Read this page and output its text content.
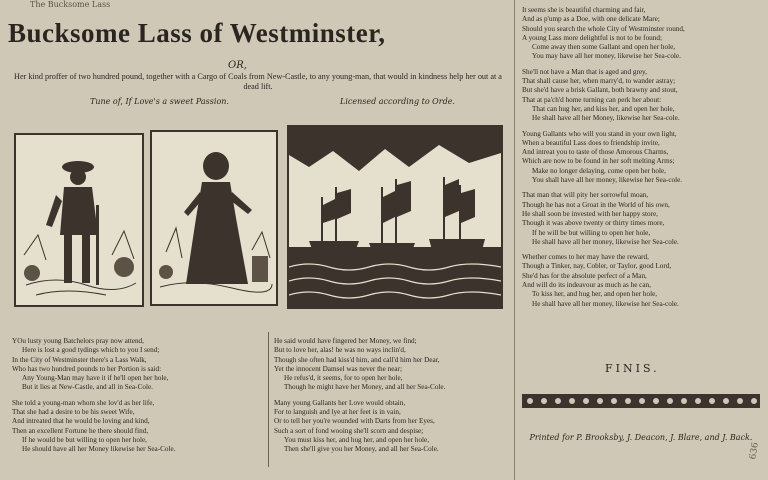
The Bucksome Lass
Bucksome Lass of Westminster,
OR,
Her kind proffer of two hundred pound, together with a Cargo of Coals from New-Castle, to any young-man, that would in kindness help her out at a dead lift.
Tune of, If Love's a sweet Passion.	Licensed according to Orde.
YOu lusty young Batchelors pray now attend,
Here is lost a good tydings which to you I send;
In the City of Westminster there's a Lass Walk,
Who has two hundred pounds to her Portion is said:
Any Young-Man may have it if he'll open her hole,
But it lies at New-Castle, and all in Sea-Cole.
She told a young-man whom she lov'd as her life,
That she had a desire to be his sweet Wife,
And intreated that he would be loving and kind,
Then an excellent Fortune he there should find,
If he would be but willing to open her hole,
He should have all her Money likewise her Sea-Cole.
He said would have fingered her Money, we find;
But to love her, alas! he was no ways inclin'd,
Though she often had kiss'd him, and call'd him her Dear,
Yet the innocent Damsel was never the near;
He refus'd, it seems, for to open her hole,
Though he might have her Money, and all her Sea-Cole.
Many young Gallants her Love would obtain,
For to languish and lye at her feet is in vain,
Or to tell her you're wounded with Darts from her Eyes,
Such a sort of fond wooing she'll scorn and despise;
You must kiss her, and hug her, and open her hole,
Then she'll give you her Money, and all her Sea-Cole.
It seems she is beautiful charming and fair,
And as p'ump as a Doe, with one delicate Mare;
Should you search the whole City of Westminster round,
A young Lass more delightful is not to be found;
Come away then some Gallant and open her hole,
You may have all her money, likewise her Sea-cole.
She'll not have a Man that is aged and grey,
That shall cause her, when marry'd, to wander astray;
But she'd have a brisk Gallant, both brawny and stout,
That at pa'ch'd home turning can perk her about:
That can hug her, and kiss her, and open her hole,
He shall have all her Money, likewise her Sea-cole.
Young Gallants who will you stand in your own light,
When a beautiful Lass does to friendship invite,
And intreat you to taste of those Amorous Charms,
Which are now to be found in her soft melting Arms;
Make no longer delaying, come open her hole,
You shall have all her money, likewise her Sea-cole.
That man that will pity her sorrowful moan,
Though he has not a Groat in the World of his own,
He shall soon be invested with her happy store,
Though it was above twenty or thirty times more,
If he will be but willing to open her hole,
He shall have all her money, likewise her Sea-cole.
Whether comes to her may have the reward,
Though a Tinker, nay, Cobler, or Taylor, good Lord,
She'd has for the absolute perfect of a Man,
And will do its indeavour as much as he can,
To kiss her, and hug her, and open her hole,
He shall have all her money, likewise her Sea-cole.
FINIS.
Printed for P. Brooksby, J. Deacon, J. Blare, and J. Back.
636
